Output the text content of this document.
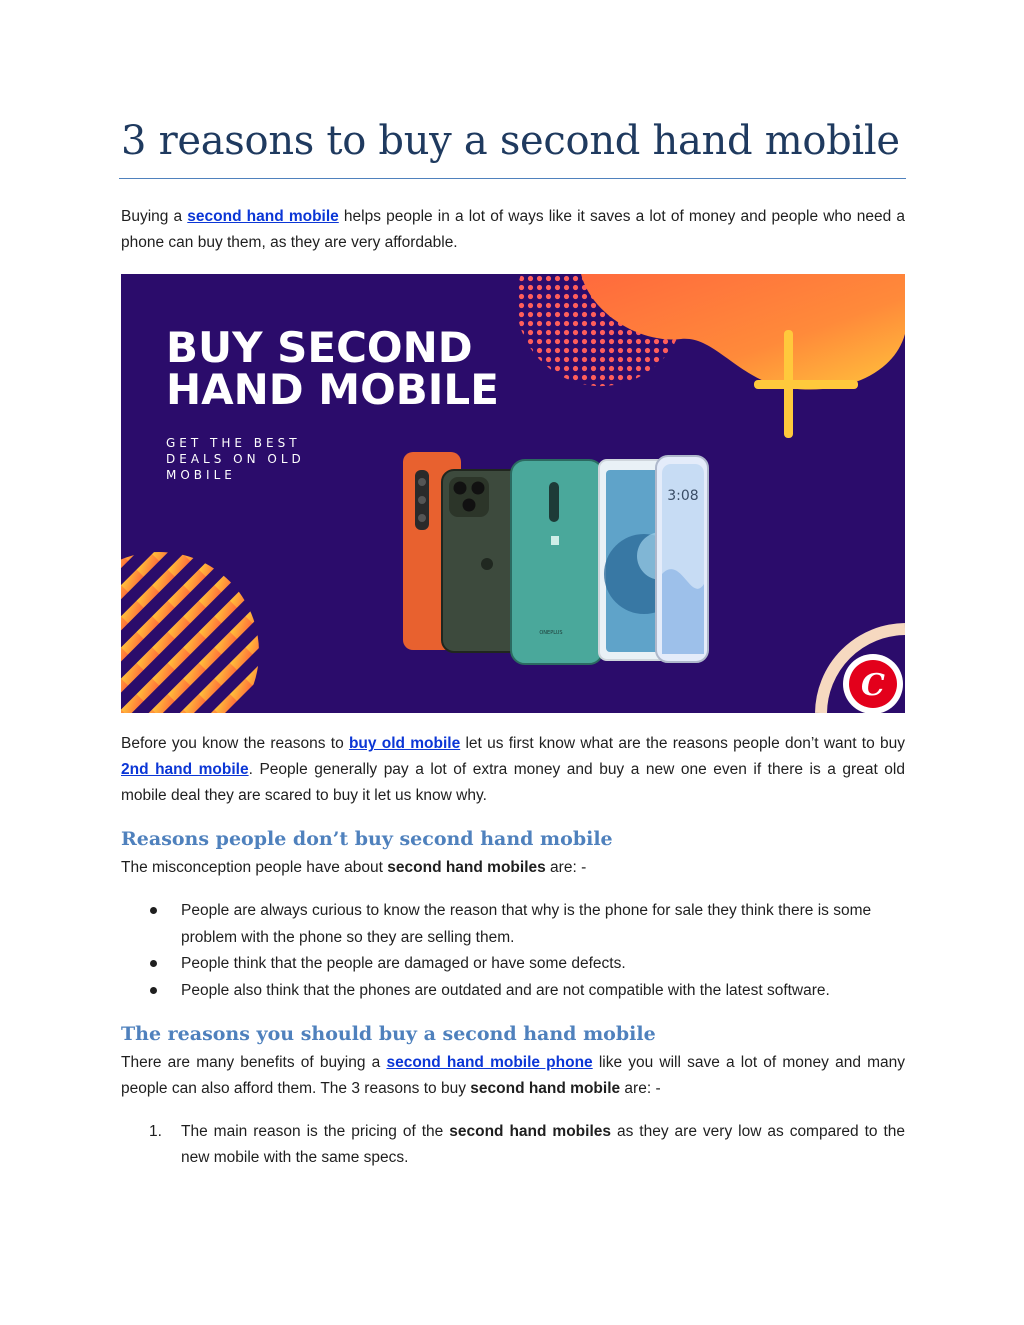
3 reasons to buy a second hand mobile

Buying a second hand mobile helps people in a lot of ways like it saves a lot of money and people who need a phone can buy them, as they are very affordable.

BUY SECOND
HAND MOBILE
GET THE BEST
DEALS ON OLD
MOBILE
ONEPLUS
3:08
C

Before you know the reasons to buy old mobile let us first know what are the reasons people don’t want to buy 2nd hand mobile. People generally pay a lot of extra money and buy a new one even if there is a great old mobile deal they are scared to buy it let us know why.

Reasons people don’t buy second hand mobile

The misconception people have about second hand mobiles are: -

People are always curious to know the reason that why is the phone for sale they think there is some problem with the phone so they are selling them.
People think that the people are damaged or have some defects.
People also think that the phones are outdated and are not compatible with the latest software.
The reasons you should buy a second hand mobile

There are many benefits of buying a second hand mobile phone like you will save a lot of money and many people can also afford them. The 3 reasons to buy second hand mobile are: -

1. The main reason is the pricing of the second hand mobiles as they are very low as compared to the new mobile with the same specs.
